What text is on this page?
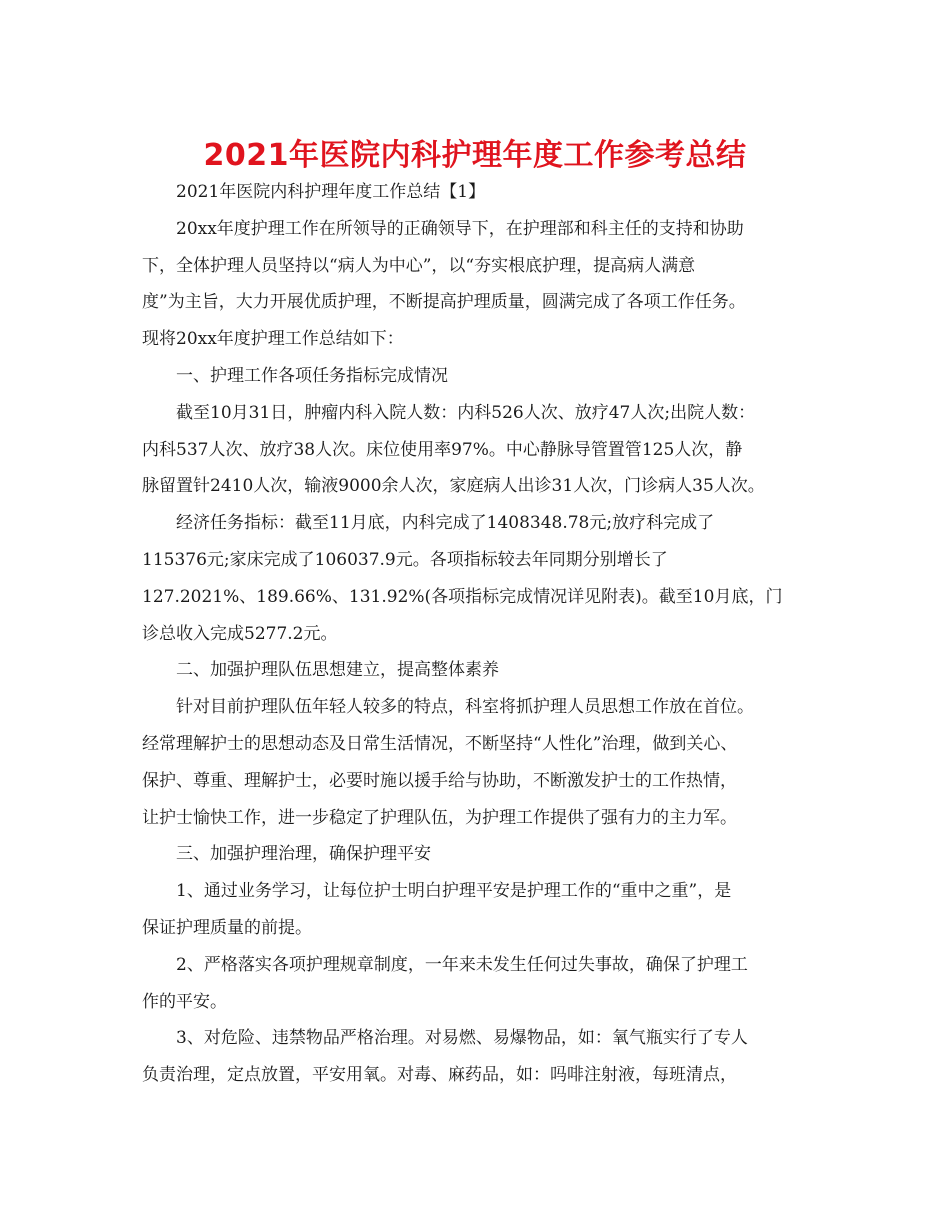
2021年医院内科护理年度工作参考总结
2021年医院内科护理年度工作总结【1】
20xx年度护理工作在所领导的正确领导下，在护理部和科主任的支持和协助
下，全体护理人员坚持以“病人为中心”，以“夯实根底护理，提高病人满意
度”为主旨，大力开展优质护理，不断提高护理质量，圆满完成了各项工作任务。
现将20xx年度护理工作总结如下：
一、护理工作各项任务指标完成情况
截至10月31日，肿瘤内科入院人数：内科526人次、放疗47人次;出院人数：
内科537人次、放疗38人次。床位使用率97%。中心静脉导管置管125人次，静
脉留置针2410人次，输液9000余人次，家庭病人出诊31人次，门诊病人35人次。
经济任务指标：截至11月底，内科完成了1408348.78元;放疗科完成了
115376元;家床完成了106037.9元。各项指标较去年同期分别增长了
127.2021%、189.66%、131.92%(各项指标完成情况详见附表)。截至10月底，门
诊总收入完成5277.2元。
二、加强护理队伍思想建立，提高整体素养
针对目前护理队伍年轻人较多的特点，科室将抓护理人员思想工作放在首位。
经常理解护士的思想动态及日常生活情况，不断坚持“人性化”治理，做到关心、
保护、尊重、理解护士，必要时施以援手给与协助，不断激发护士的工作热情，
让护士愉快工作，进一步稳定了护理队伍，为护理工作提供了强有力的主力军。
三、加强护理治理，确保护理平安
1、通过业务学习，让每位护士明白护理平安是护理工作的“重中之重”，是
保证护理质量的前提。
2、严格落实各项护理规章制度，一年来未发生任何过失事故，确保了护理工
作的平安。
3、对危险、违禁物品严格治理。对易燃、易爆物品，如：氧气瓶实行了专人
负责治理，定点放置，平安用氧。对毒、麻药品，如：吗啡注射液，每班清点，
